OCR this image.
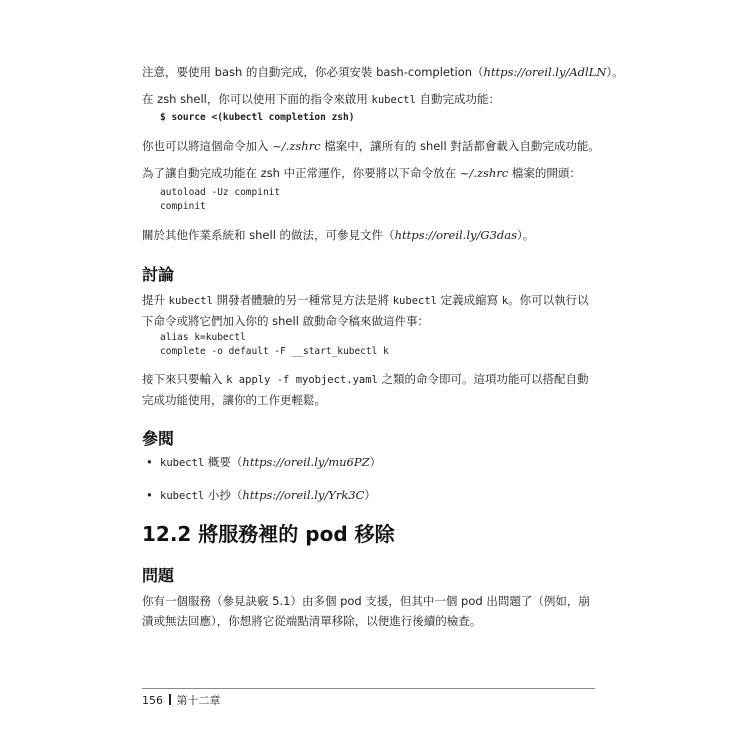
注意，要使用 bash 的自動完成，你必須安裝 bash-completion（https://oreil.ly/AdlLN）。

在 zsh shell，你可以使用下面的指令來啟用 kubectl 自動完成功能：

$ source <(kubectl completion zsh)

你也可以將這個命令加入 ~/.zshrc 檔案中，讓所有的 shell 對話都會載入自動完成功能。

為了讓自動完成功能在 zsh 中正常運作，你要將以下命令放在 ~/.zshrc 檔案的開頭：

autoload -Uz compinit
compinit

關於其他作業系統和 shell 的做法，可參見文件（https://oreil.ly/G3das）。

討論

提升 kubectl 開發者體驗的另一種常見方法是將 kubectl 定義成縮寫 k。你可以執行以下命令或將它們加入你的 shell 啟動命令稿來做這件事：

alias k=kubectl
complete -o default -F __start_kubectl k

接下來只要輸入 k apply -f myobject.yaml 之類的命令即可。這項功能可以搭配自動完成功能使用，讓你的工作更輕鬆。

參閱
• kubectl 概要（https://oreil.ly/mu6PZ）
• kubectl 小抄（https://oreil.ly/Yrk3C）
12.2 將服務裡的 pod 移除
問題

你有一個服務（參見訣竅 5.1）由多個 pod 支援，但其中一個 pod 出問題了（例如，崩潰或無法回應），你想將它從端點清單移除，以便進行後續的檢查。

156 第十二章
